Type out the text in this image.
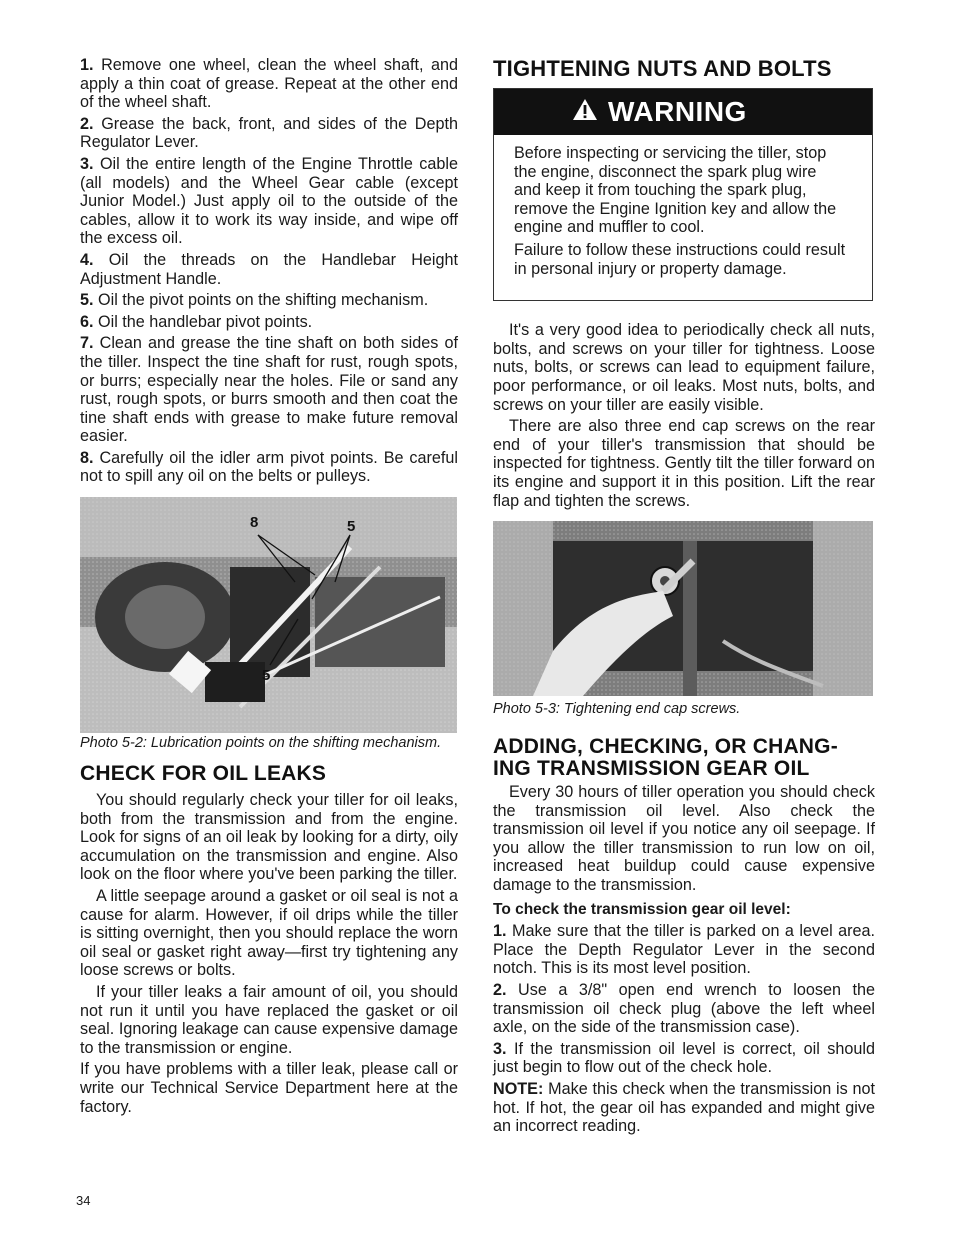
1. Remove one wheel, clean the wheel shaft, and apply a thin coat of grease. Repeat at the other end of the wheel shaft.

2. Grease the back, front, and sides of the Depth Regulator Lever.

3. Oil the entire length of the Engine Throttle cable (all models) and the Wheel Gear cable (except Junior Model.) Just apply oil to the outside of the cables, allow it to work its way inside, and wipe off the excess oil.

4. Oil the threads on the Handlebar Height Adjustment Handle.

5. Oil the pivot points on the shifting mechanism.

6. Oil the handlebar pivot points.

7. Clean and grease the tine shaft on both sides of the tiller. Inspect the tine shaft for rust, rough spots, or burrs; especially near the holes. File or sand any rust, rough spots, or burrs smooth and then coat the tine shaft ends with grease to make future removal easier.

8. Carefully oil the idler arm pivot points. Be careful not to spill any oil on the belts or pulleys.

8	5
5

Photo 5-2: Lubrication points on the shifting mechanism.

CHECK FOR OIL LEAKS

You should regularly check your tiller for oil leaks, both from the transmission and from the engine. Look for signs of an oil leak by looking for a dirty, oily accumulation on the transmission and engine. Also look on the floor where you've been parking the tiller.

A little seepage around a gasket or oil seal is not a cause for alarm. However, if oil drips while the tiller is sitting overnight, then you should replace the worn oil seal or gasket right away—first try tightening any loose screws or bolts.

If your tiller leaks a fair amount of oil, you should not run it until you have replaced the gasket or oil seal. Ignoring leakage can cause expensive damage to the transmission or engine.

If you have problems with a tiller leak, please call or write our Technical Service Department here at the factory.

TIGHTENING NUTS AND BOLTS
WARNING

Before inspecting or servicing the tiller, stop the engine, disconnect the spark plug wire and keep it from touching the spark plug, remove the Engine Ignition key and allow the engine and muffler to cool.

Failure to follow these instructions could result in personal injury or property damage.

It's a very good idea to periodically check all nuts, bolts, and screws on your tiller for tightness. Loose nuts, bolts, or screws can lead to equipment failure, poor performance, or oil leaks. Most nuts, bolts, and screws on your tiller are easily visible.

There are also three end cap screws on the rear end of your tiller's transmission that should be inspected for tightness. Gently tilt the tiller forward on its engine and support it in this position. Lift the rear flap and tighten the screws.

Photo 5-3: Tightening end cap screws.

ADDING, CHECKING, OR CHANG-
ING TRANSMISSION GEAR OIL

Every 30 hours of tiller operation you should check the transmission oil level. Also check the transmission oil level if you notice any oil seepage. If you allow the tiller transmission to run low on oil, increased heat buildup could cause expensive damage to the transmission.

To check the transmission gear oil level:

1. Make sure that the tiller is parked on a level area. Place the Depth Regulator Lever in the second notch. This is its most level position.

2. Use a 3/8" open end wrench to loosen the transmission oil check plug (above the left wheel axle, on the side of the transmission case).

3. If the transmission oil level is correct, oil should just begin to flow out of the check hole.

NOTE: Make this check when the transmission is not hot. If hot, the gear oil has expanded and might give an incorrect reading.

34
